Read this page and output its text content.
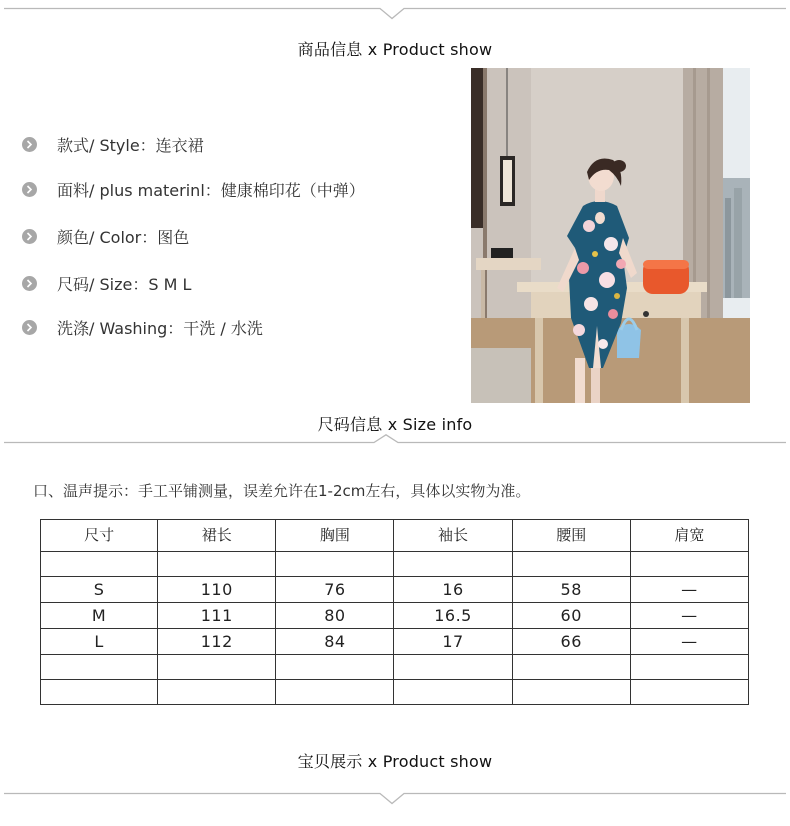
商品信息 x Product show
款式/ Style：连衣裙
面料/ plus materinl：健康棉印花（中弹）
颜色/ Color：图色
尺码/ Size：S M L
洗涤/ Washing：干洗 / 水洗
尺码信息 x Size info
口、温声提示：手工平铺测量，误差允许在1-2cm左右，具体以实物为准。
尺寸	裙长	胸围	袖长	腰围	肩宽

S	110	76	16	58	—
M	111	80	16.5	60	—
L	112	84	17	66	—

宝贝展示 x Product show
